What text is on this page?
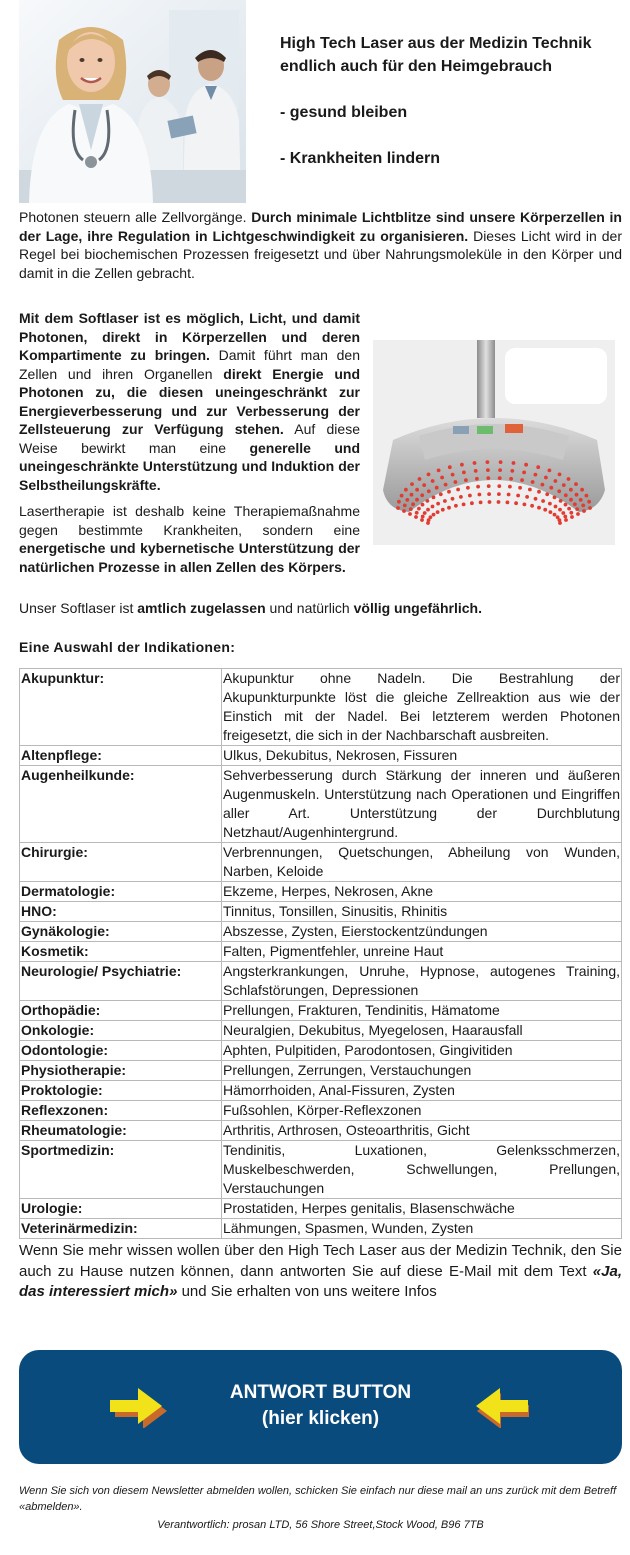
High Tech Laser aus der Medizin Technik
endlich auch für den Heimgebrauch
- gesund bleiben
- Krankheiten lindern
Photonen steuern alle Zellvorgänge. Durch minimale Lichtblitze sind unsere Körperzellen in der Lage, ihre Regulation in Lichtgeschwindigkeit zu organisieren. Dieses Licht wird in der Regel bei biochemischen Prozessen freigesetzt und über Nahrungsmoleküle in den Körper und damit in die Zellen gebracht.
Mit dem Softlaser ist es möglich, Licht, und damit Photonen, direkt in Körperzellen und deren Kompartimente zu bringen. Damit führt man den Zellen und ihren Organellen direkt Energie und Photonen zu, die diesen uneingeschränkt zur Energieverbesserung und zur Verbesserung der Zellsteuerung zur Verfügung stehen. Auf diese Weise bewirkt man eine generelle und uneingeschränkte Unterstützung und Induktion der Selbstheilungskräfte.
Lasertherapie ist deshalb keine Therapiemaßnahme gegen bestimmte Krankheiten, sondern eine energetische und kybernetische Unterstützung der natürlichen Prozesse in allen Zellen des Körpers.
Unser Softlaser ist amtlich zugelassen und natürlich völlig ungefährlich.
Eine Auswahl der Indikationen:
Akupunktur:	Akupunktur ohne Nadeln. Die Bestrahlung der Akupunkturpunkte löst die gleiche Zellreaktion aus wie der Einstich mit der Nadel. Bei letzterem werden Photonen freigesetzt, die sich in der Nachbarschaft ausbreiten.
Altenpflege:	Ulkus, Dekubitus, Nekrosen, Fissuren
Augenheilkunde:	Sehverbesserung durch Stärkung der inneren und äußeren Augenmuskeln. Unterstützung nach Operationen und Eingriffen aller Art. Unterstützung der Durchblutung Netzhaut/Augenhintergrund.
Chirurgie:	Verbrennungen, Quetschungen, Abheilung von Wunden, Narben, Keloide
Dermatologie:	Ekzeme, Herpes, Nekrosen, Akne
HNO:	Tinnitus, Tonsillen, Sinusitis, Rhinitis
Gynäkologie:	Abszesse, Zysten, Eierstockentzündungen
Kosmetik:	Falten, Pigmentfehler, unreine Haut
Neurologie/ Psychiatrie:	Angsterkrankungen, Unruhe, Hypnose, autogenes Training, Schlafstörungen, Depressionen
Orthopädie:	Prellungen, Frakturen, Tendinitis, Hämatome
Onkologie:	Neuralgien, Dekubitus, Myegelosen, Haarausfall
Odontologie:	Aphten, Pulpitiden, Parodontosen, Gingivitiden
Physiotherapie:	Prellungen, Zerrungen, Verstauchungen
Proktologie:	Hämorrhoiden, Anal-Fissuren, Zysten
Reflexzonen:	Fußsohlen, Körper-Reflexzonen
Rheumatologie:	Arthritis, Arthrosen, Osteoarthritis, Gicht
Sportmedizin:	Tendinitis, Luxationen, Gelenksschmerzen, Muskelbeschwerden, Schwellungen, Prellungen, Verstauchungen
Urologie:	Prostatiden, Herpes genitalis, Blasenschwäche
Veterinärmedizin:	Lähmungen, Spasmen, Wunden, Zysten
Wenn Sie mehr wissen wollen über den High Tech Laser aus der Medizin Technik, den Sie auch zu Hause nutzen können, dann antworten Sie auf diese E-Mail mit dem Text «Ja, das interessiert mich» und Sie erhalten von uns weitere Infos
ANTWORT BUTTON
(hier klicken)
Wenn Sie sich von diesem Newsletter abmelden wollen, schicken Sie einfach nur diese mail an uns zurück mit dem Betreff «abmelden».
Verantwortlich: prosan LTD, 56 Shore Street,Stock Wood, B96 7TB
